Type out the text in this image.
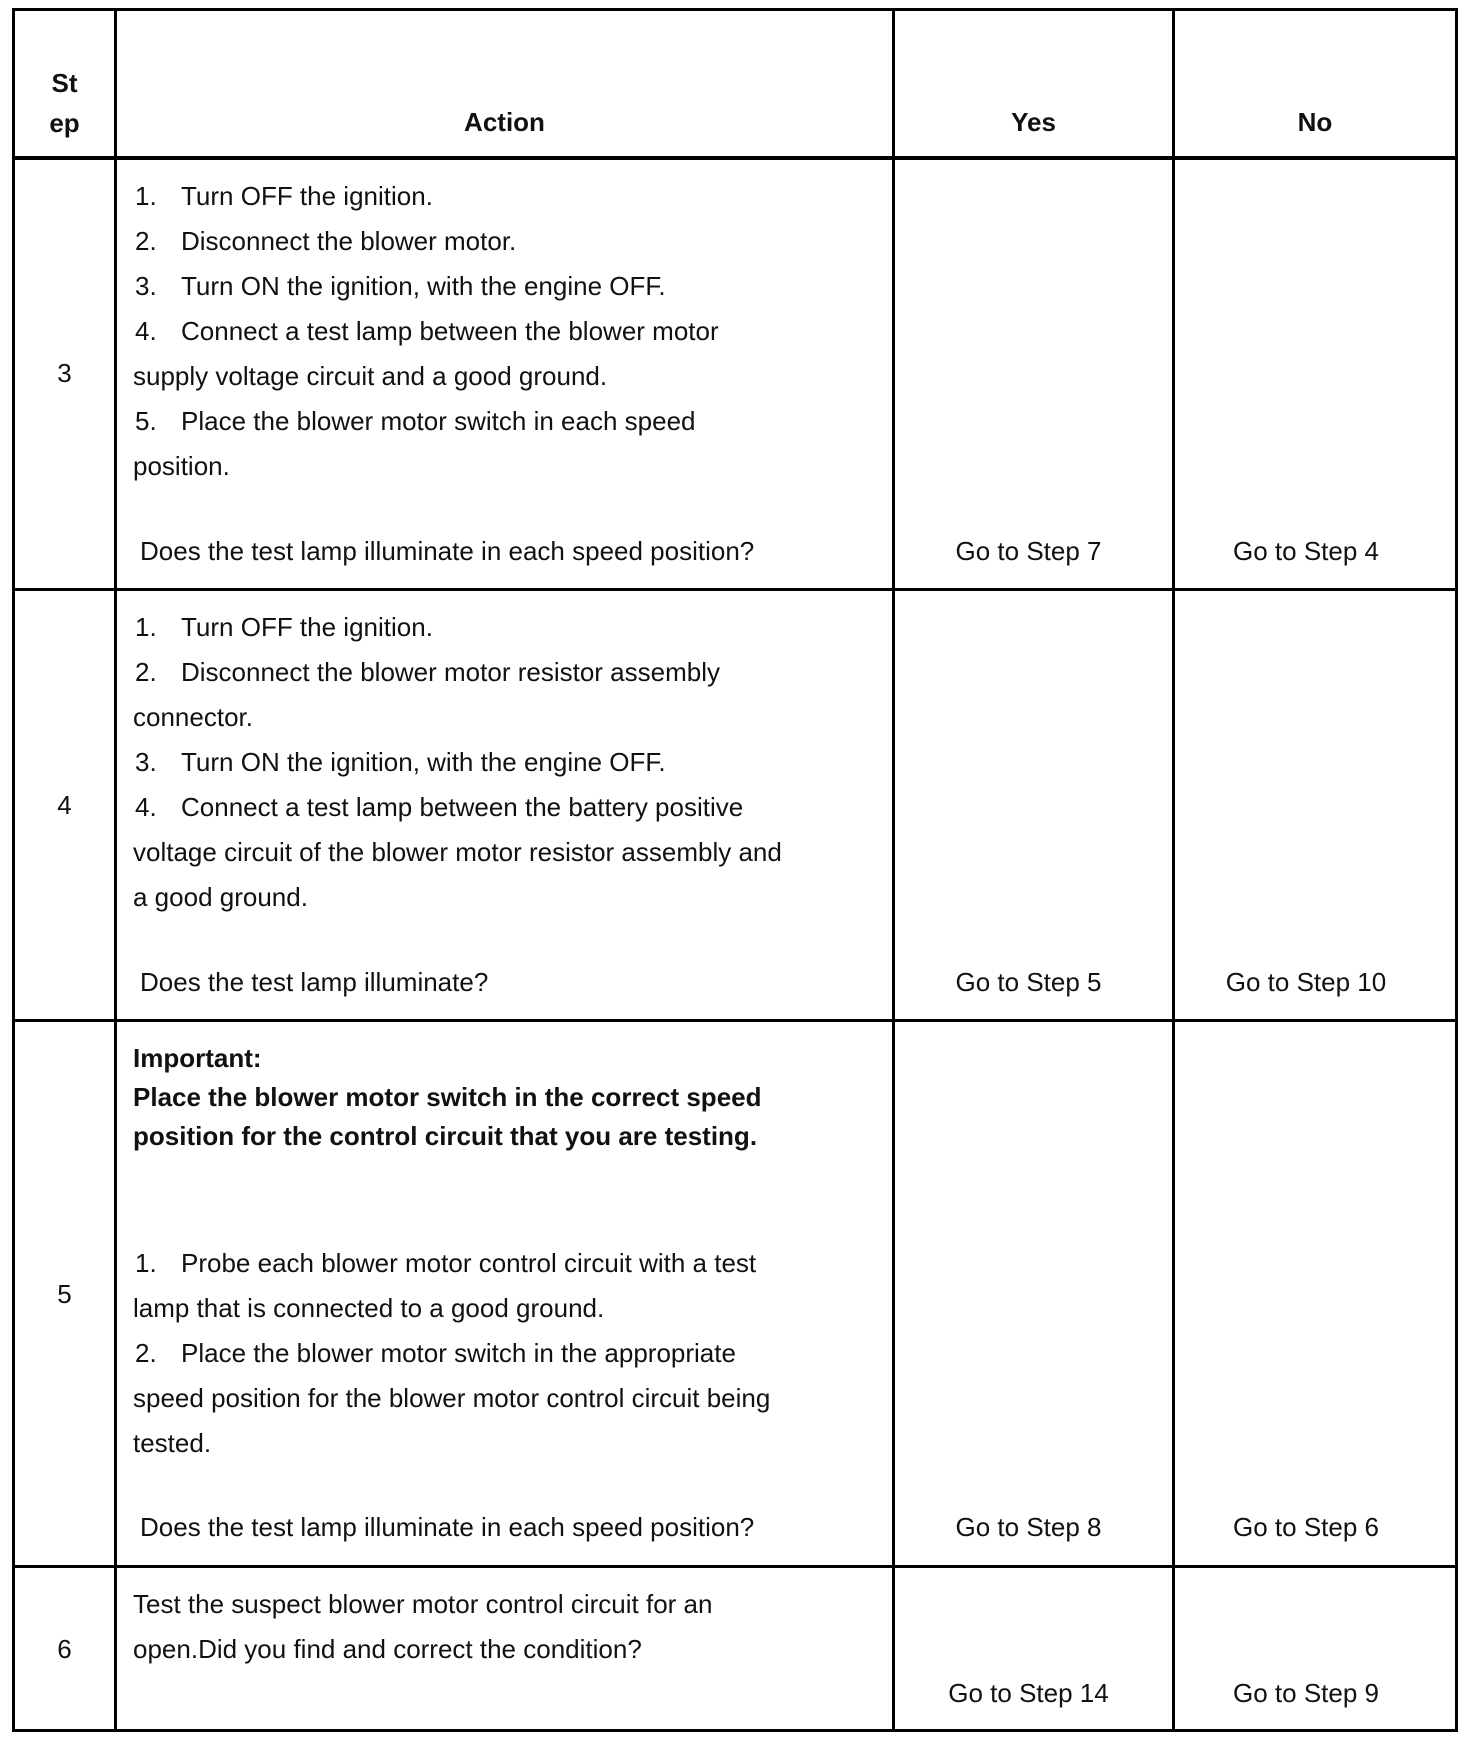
St
ep	Action	Yes	No
3
1. Turn OFF the ignition.
2. Disconnect the blower motor.
3. Turn ON the ignition, with the engine OFF.
4. Connect a test lamp between the blower motor
supply voltage circuit and a good ground.
5. Place the blower motor switch in each speed
position.
Does the test lamp illuminate in each speed position?	Go to Step 7	Go to Step 4
4
1. Turn OFF the ignition.
2. Disconnect the blower motor resistor assembly
connector.
3. Turn ON the ignition, with the engine OFF.
4. Connect a test lamp between the battery positive
voltage circuit of the blower motor resistor assembly and
a good ground.
Does the test lamp illuminate?	Go to Step 5	Go to Step 10
5
Important:
Place the blower motor switch in the correct speed
position for the control circuit that you are testing.
1. Probe each blower motor control circuit with a test
lamp that is connected to a good ground.
2. Place the blower motor switch in the appropriate
speed position for the blower motor control circuit being
tested.
Does the test lamp illuminate in each speed position?	Go to Step 8	Go to Step 6
6
Test the suspect blower motor control circuit for an
open.Did you find and correct the condition?
Go to Step 14	Go to Step 9
